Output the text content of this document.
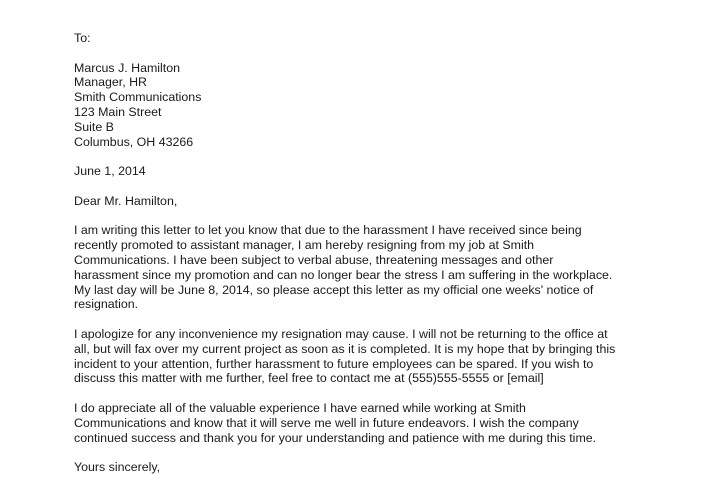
To:
Marcus J. Hamilton
Manager, HR
Smith Communications
123 Main Street
Suite B
Columbus, OH 43266
June 1, 2014
Dear Mr. Hamilton,
I am writing this letter to let you know that due to the harassment I have received since being
recently promoted to assistant manager, I am hereby resigning from my job at Smith
Communications. I have been subject to verbal abuse, threatening messages and other
harassment since my promotion and can no longer bear the stress I am suffering in the workplace.
My last day will be June 8, 2014, so please accept this letter as my official one weeks' notice of
resignation.
I apologize for any inconvenience my resignation may cause. I will not be returning to the office at
all, but will fax over my current project as soon as it is completed. It is my hope that by bringing this
incident to your attention, further harassment to future employees can be spared. If you wish to
discuss this matter with me further, feel free to contact me at (555)555-5555 or [email]
I do appreciate all of the valuable experience I have earned while working at Smith
Communications and know that it will serve me well in future endeavors. I wish the company
continued success and thank you for your understanding and patience with me during this time.
Yours sincerely,
